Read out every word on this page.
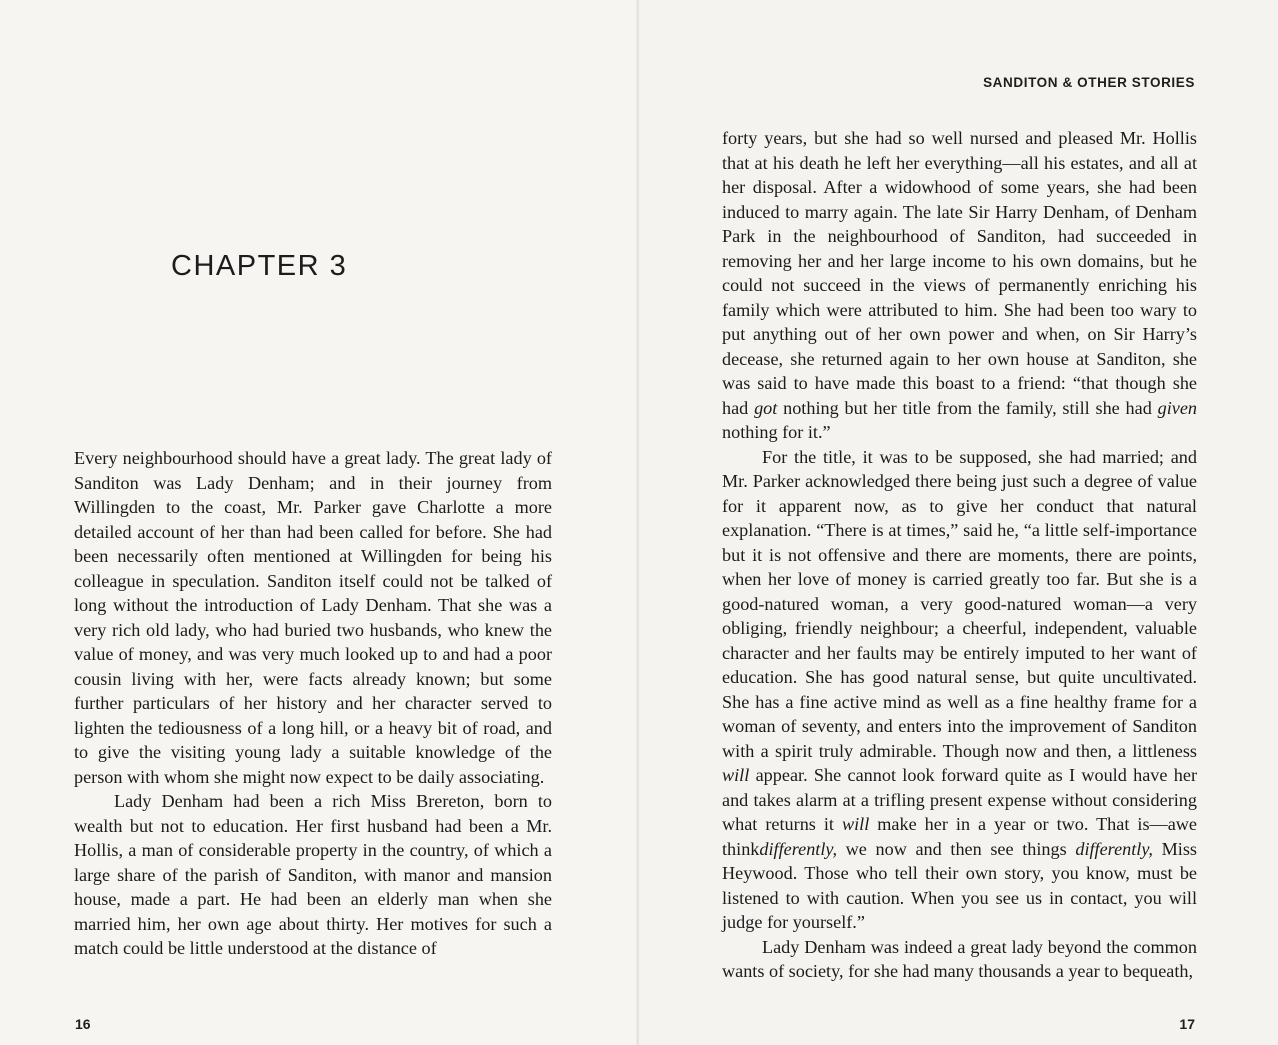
CHAPTER 3

Every neighbourhood should have a great lady. The great lady of Sanditon was Lady Denham; and in their journey from Willingden to the coast, Mr. Parker gave Charlotte a more detailed account of her than had been called for before. She had been necessarily often mentioned at Willingden for being his colleague in speculation. Sanditon itself could not be talked of long without the introduction of Lady Denham. That she was a very rich old lady, who had buried two husbands, who knew the value of money, and was very much looked up to and had a poor cousin living with her, were facts already known; but some further particulars of her history and her character served to lighten the tediousness of a long hill, or a heavy bit of road, and to give the visiting young lady a suitable knowledge of the person with whom she might now expect to be daily associating.

Lady Denham had been a rich Miss Brereton, born to wealth but not to education. Her first husband had been a Mr. Hollis, a man of considerable property in the country, of which a large share of the parish of Sanditon, with manor and mansion house, made a part. He had been an elderly man when she married him, her own age about thirty. Her motives for such a match could be little understood at the distance of

16
SANDITON & OTHER STORIES

forty years, but she had so well nursed and pleased Mr. Hollis that at his death he left her everything—all his estates, and all at her disposal. After a widowhood of some years, she had been induced to marry again. The late Sir Harry Denham, of Denham Park in the neighbourhood of Sanditon, had succeeded in removing her and her large income to his own domains, but he could not succeed in the views of permanently enriching his family which were attributed to him. She had been too wary to put anything out of her own power and when, on Sir Harry’s decease, she returned again to her own house at Sanditon, she was said to have made this boast to a friend: “that though she had got nothing but her title from the family, still she had given nothing for it.”

For the title, it was to be supposed, she had married; and Mr. Parker acknowledged there being just such a degree of value for it apparent now, as to give her conduct that natural explanation. “There is at times,” said he, “a little self-importance but it is not offensive and there are moments, there are points, when her love of money is carried greatly too far. But she is a good-natured woman, a very good-natured woman—a very obliging, friendly neighbour; a cheerful, independent, valuable character and her faults may be entirely imputed to her want of education. She has good natural sense, but quite uncultivated. She has a fine active mind as well as a fine healthy frame for a woman of seventy, and enters into the improvement of Sanditon with a spirit truly admirable. Though now and then, a littleness will appear. She cannot look forward quite as I would have her and takes alarm at a trifling present expense without considering what returns it will make her in a year or two. That is—awe thinkdifferently, we now and then see things differently, Miss Heywood. Those who tell their own story, you know, must be listened to with caution. When you see us in contact, you will judge for yourself.”

Lady Denham was indeed a great lady beyond the common wants of society, for she had many thousands a year to bequeath,

17
